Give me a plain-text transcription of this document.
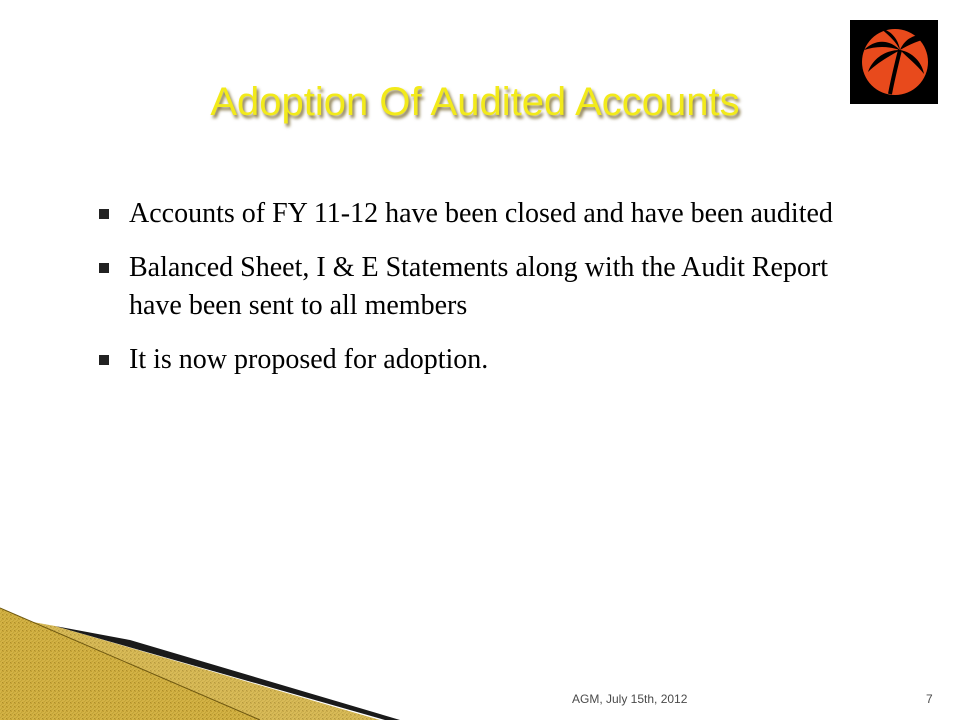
Adoption Of Audited Accounts
Accounts of FY 11-12 have been closed and have been audited
Balanced Sheet, I & E Statements along with the Audit Report have been sent to all members
It is now proposed for adoption.
AGM, July 15th, 2012	7
